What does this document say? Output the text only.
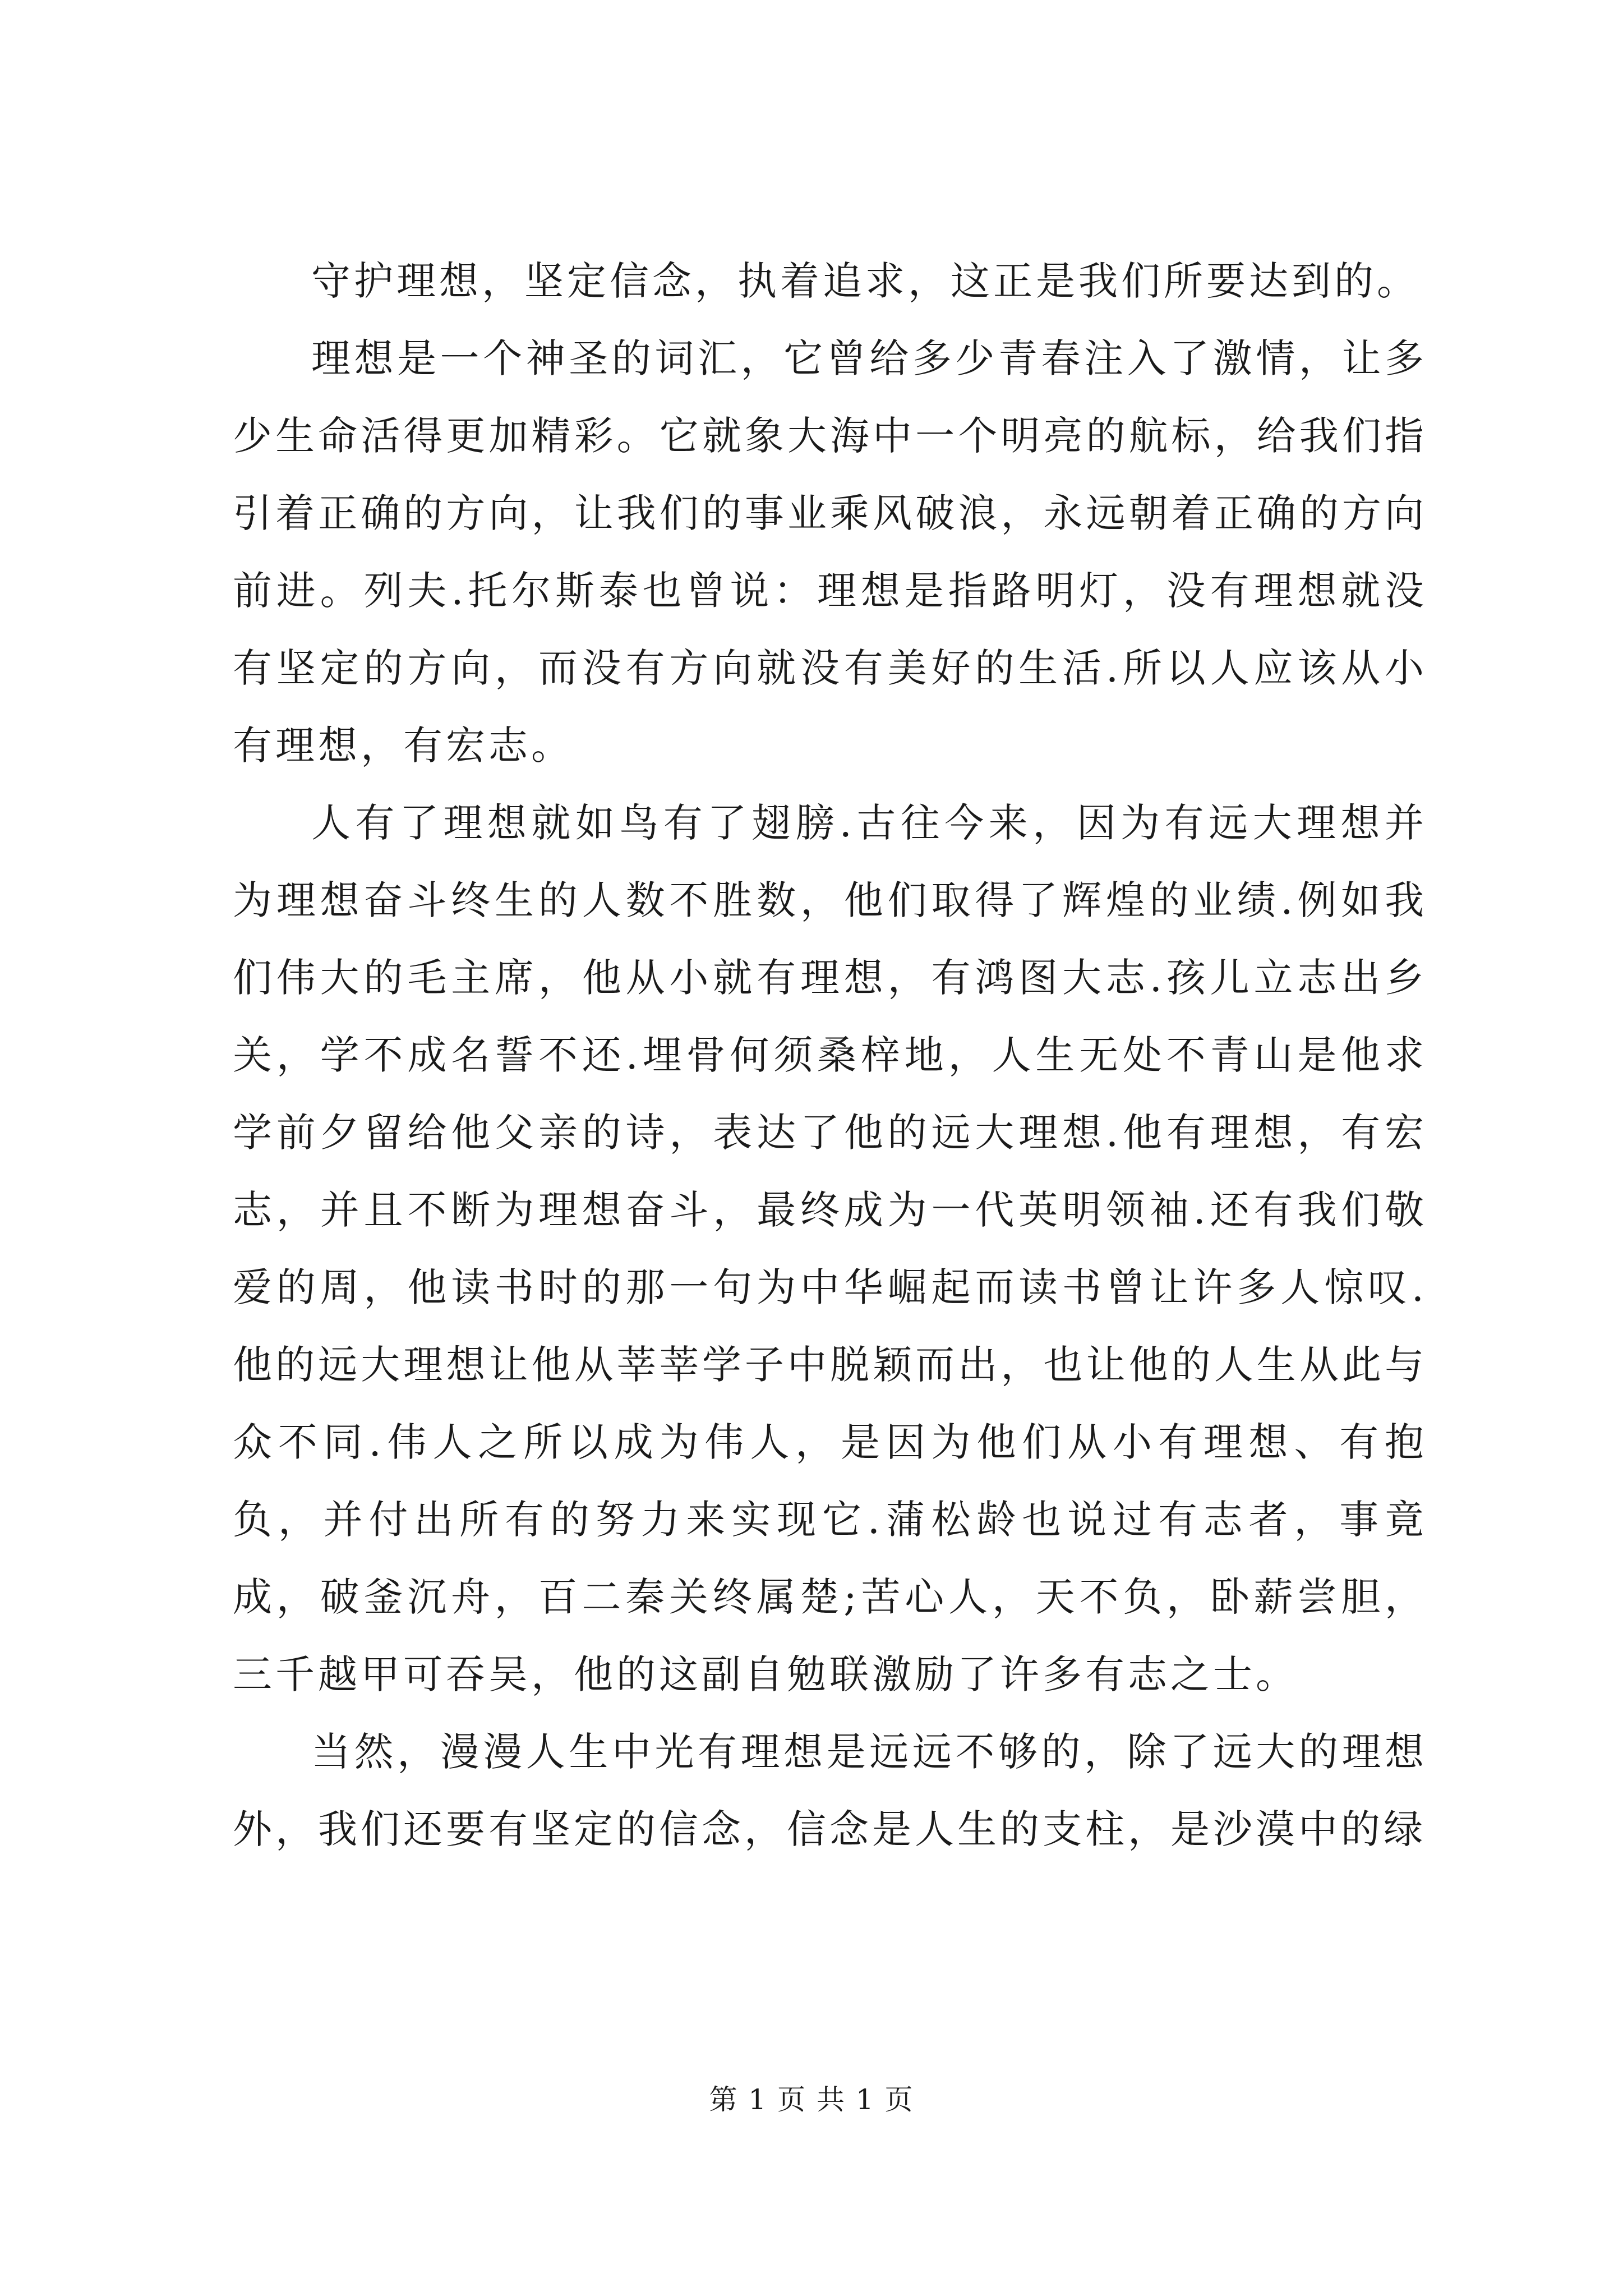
守护理想，坚定信念，执着追求，这正是我们所要达到的。

理想是一个神圣的词汇，它曾给多少青春注入了激情，让多少生命活得更加精彩。它就象大海中一个明亮的航标，给我们指引着正确的方向，让我们的事业乘风破浪，永远朝着正确的方向前进。列夫.托尔斯泰也曾说：理想是指路明灯，没有理想就没有坚定的方向，而没有方向就没有美好的生活.所以人应该从小有理想，有宏志。

人有了理想就如鸟有了翅膀.古往今来，因为有远大理想并为理想奋斗终生的人数不胜数，他们取得了辉煌的业绩.例如我们伟大的毛主席，他从小就有理想，有鸿图大志.孩儿立志出乡关，学不成名誓不还.埋骨何须桑梓地，人生无处不青山是他求学前夕留给他父亲的诗，表达了他的远大理想.他有理想，有宏志，并且不断为理想奋斗，最终成为一代英明领袖.还有我们敬爱的周，他读书时的那一句为中华崛起而读书曾让许多人惊叹.他的远大理想让他从莘莘学子中脱颖而出，也让他的人生从此与众不同.伟人之所以成为伟人，是因为他们从小有理想、有抱负，并付出所有的努力来实现它.蒲松龄也说过有志者，事竟成，破釜沉舟，百二秦关终属楚;苦心人，天不负，卧薪尝胆，三千越甲可吞吴，他的这副自勉联激励了许多有志之士。

当然，漫漫人生中光有理想是远远不够的，除了远大的理想外，我们还要有坚定的信念，信念是人生的支柱，是沙漠中的绿

第 1 页 共 1 页
